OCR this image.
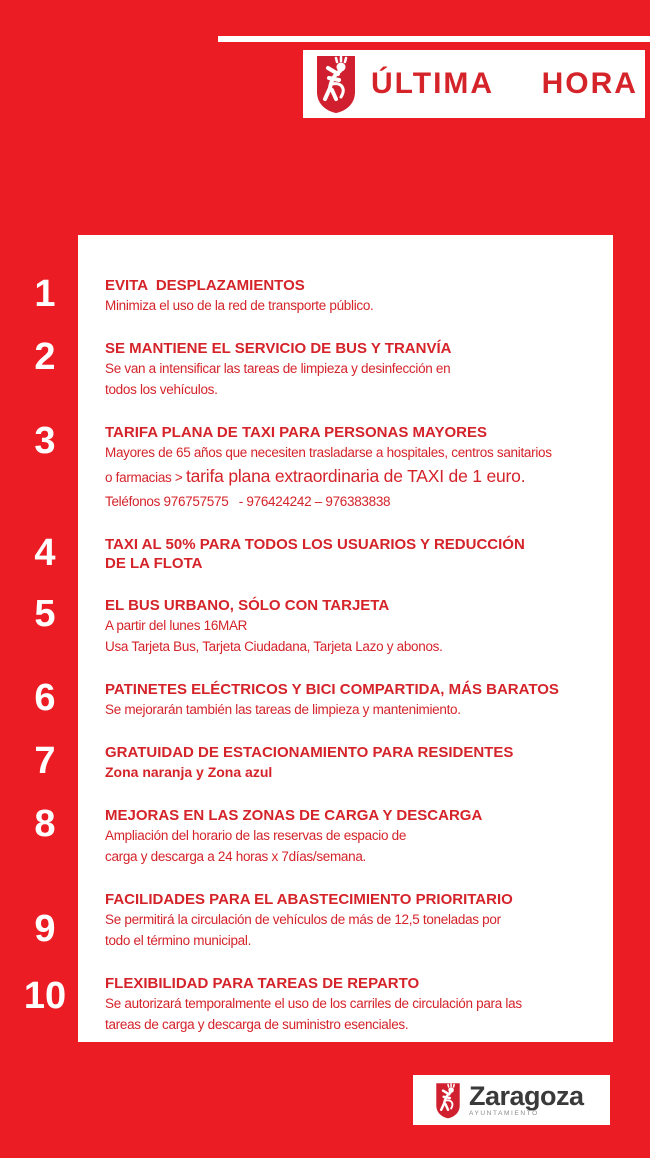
ÚLTIMA  HORA
1	EVITA  DESPLAZAMIENTOS
Minimiza el uso de la red de transporte público.
2	SE MANTIENE EL SERVICIO DE BUS Y TRANVÍA
Se van a intensificar las tareas de limpieza y desinfección en
todos los vehículos.
3	TARIFA PLANA DE TAXI PARA PERSONAS MAYORES
Mayores de 65 años que necesiten trasladarse a hospitales, centros sanitarios
o farmacias > tarifa plana extraordinaria de TAXI de 1 euro.
Teléfonos 976757575   - 976424242 – 976383838
4	TAXI AL 50% PARA TODOS LOS USUARIOS Y REDUCCIÓN
DE LA FLOTA
5	EL BUS URBANO, SÓLO CON TARJETA
A partir del lunes 16MAR
Usa Tarjeta Bus, Tarjeta Ciudadana, Tarjeta Lazo y abonos.
6	PATINETES ELÉCTRICOS Y BICI COMPARTIDA, MÁS BARATOS
Se mejorarán también las tareas de limpieza y mantenimiento.
7	GRATUIDAD DE ESTACIONAMIENTO PARA RESIDENTES
Zona naranja y Zona azul
8	MEJORAS EN LAS ZONAS DE CARGA Y DESCARGA
Ampliación del horario de las reservas de espacio de
carga y descarga a 24 horas x 7días/semana.
9
FACILIDADES PARA EL ABASTECIMIENTO PRIORITARIO
Se permitirá la circulación de vehículos de más de 12,5 toneladas por
todo el término municipal.
10	FLEXIBILIDAD PARA TAREAS DE REPARTO
Se autorizará temporalmente el uso de los carriles de circulación para las
tareas de carga y descarga de suministro esenciales.
Zaragoza
AYUNTAMIENTO
